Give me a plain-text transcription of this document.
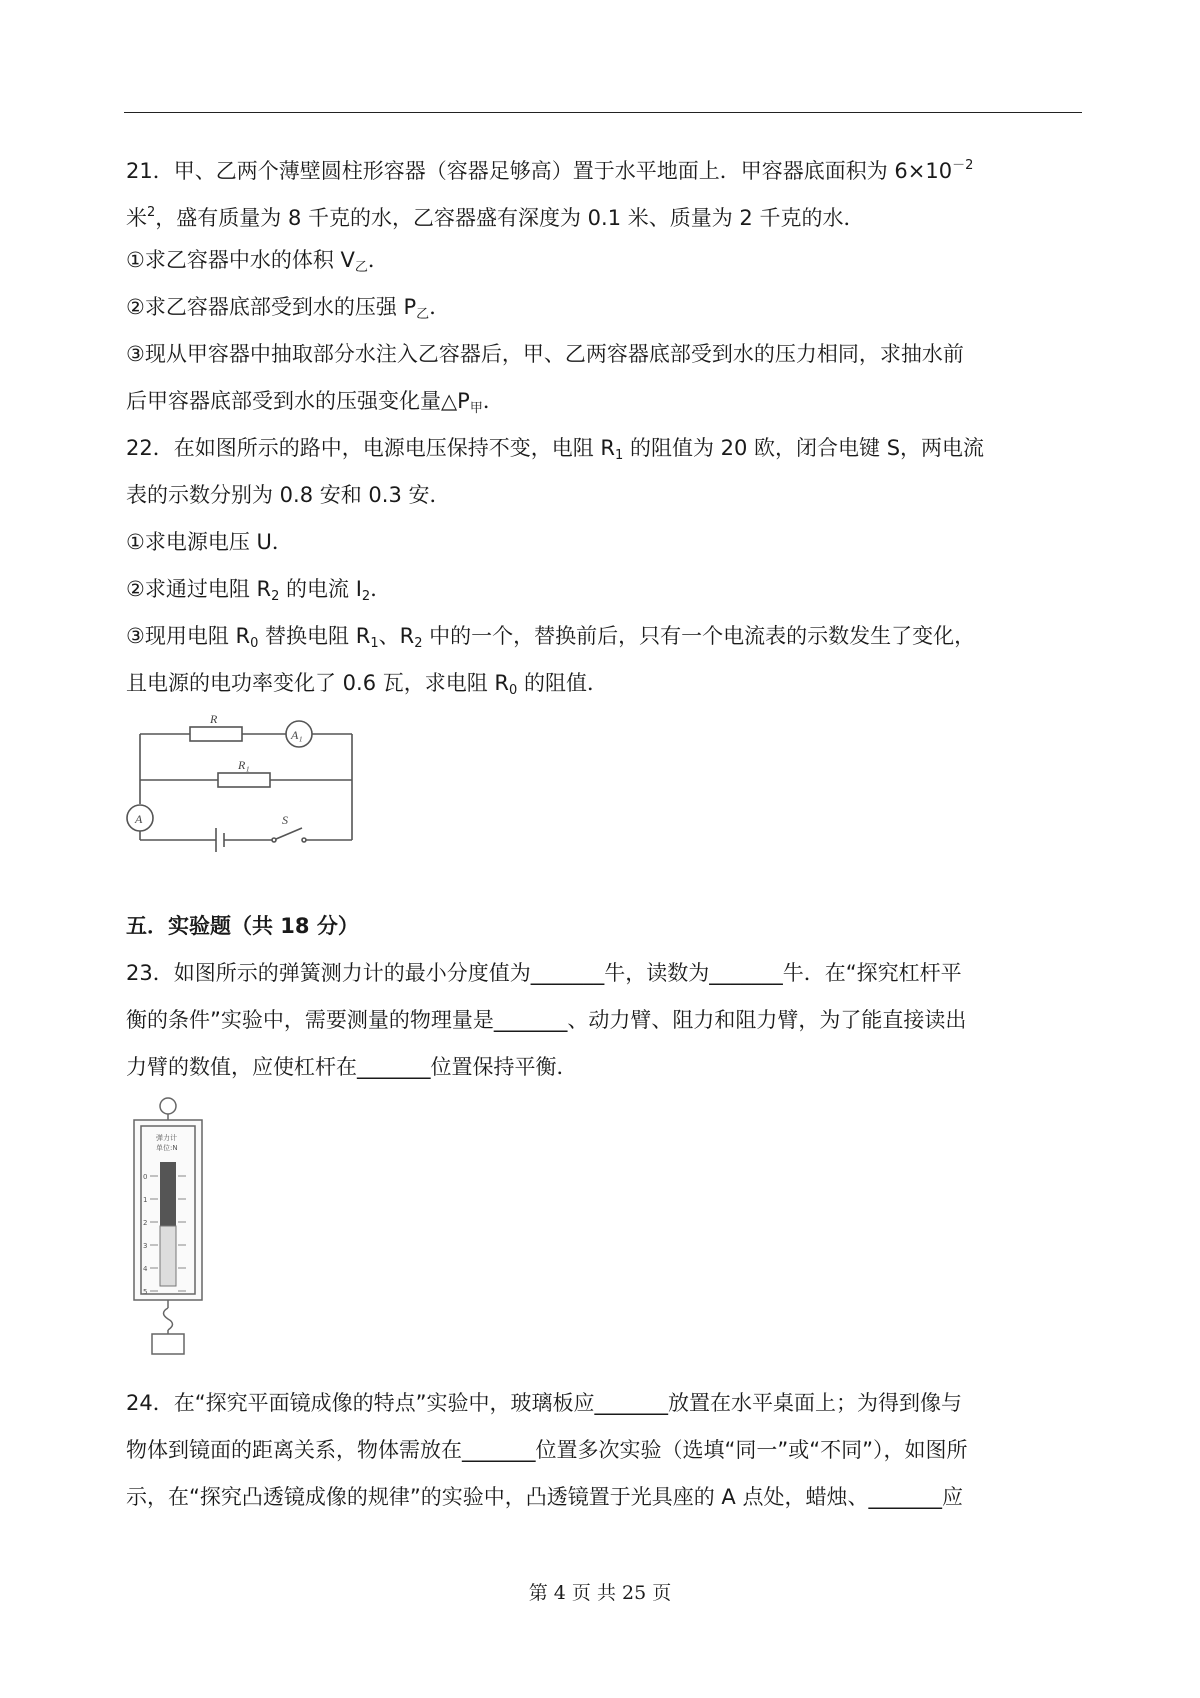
21．甲、乙两个薄壁圆柱形容器（容器足够高）置于水平地面上．甲容器底面积为 $6\times 10^{-2}$
米$^2$，盛有质量为 8 千克的水，乙容器盛有深度为 0.1 米、质量为 2 千克的水．
①求乙容器中水的体积 $V_乙$．
②求乙容器底部受到水的压强 $P_乙$．
③现从甲容器中抽取部分水注入乙容器后，甲、乙两容器底部受到水的压力相同，求抽水前
后甲容器底部受到水的压强变化量$\triangle P_甲$．
22．在如图所示的路中，电源电压保持不变，电阻 $R_1$ 的阻值为 20 欧，闭合电键 S，两电流
表的示数分别为 0.8 安和 0.3 安．
①求电源电压 U．
②求通过电阻 $R_2$ 的电流 $I_2$．
③现用电阻 $R_0$ 替换电阻 $R_1$、$R_2$ 中的一个，替换前后，只有一个电流表的示数发生了变化，
且电源的电功率变化了 0.6 瓦，求电阻 $R_0$ 的阻值．
R
R₁
A₁
A	S
五．实验题（共 18 分）
23．如图所示的弹簧测力计的最小分度值为_______牛，读数为_______牛．在“探究杠杆平
衡的条件”实验中，需要测量的物理量是_______、动力臂、阻力和阻力臂，为了能直接读出
力臂的数值，应使杠杆在_______位置保持平衡．
弹力计
单位:N
0
1
2
3
4
5
24．在“探究平面镜成像的特点”实验中，玻璃板应_______放置在水平桌面上；为得到像与
物体到镜面的距离关系，物体需放在_______位置多次实验（选填“同一”或“不同”），如图所
示，在“探究凸透镜成像的规律”的实验中，凸透镜置于光具座的 A 点处，蜡烛、_______应
第 4 页 共 25 页
